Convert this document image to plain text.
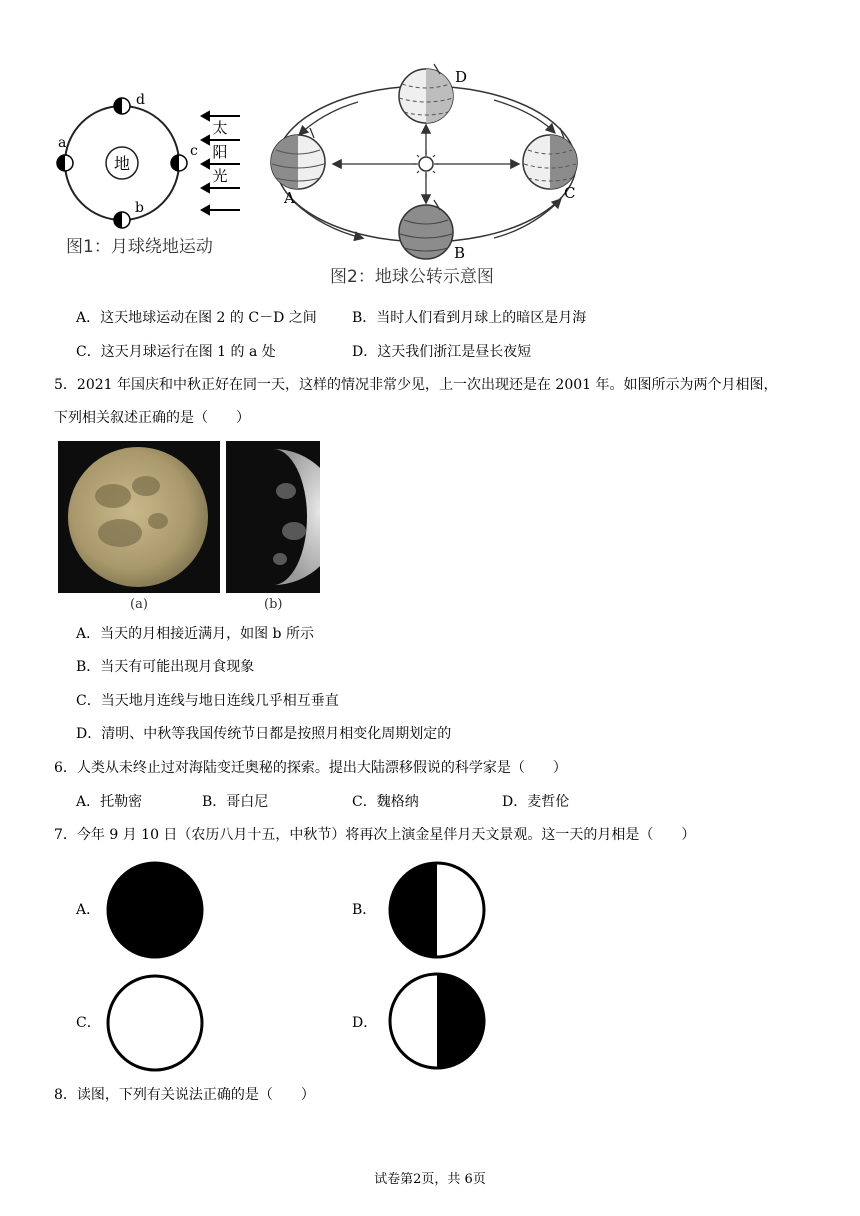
地
d
b
a	c
太
阳
光
图1：月球绕地运动
D
A	C
B
图2：地球公转示意图
A．这天地球运动在图 2 的 C－D 之间	B．当时人们看到月球上的暗区是月海
C．这天月球运行在图 1 的 a 处	D．这天我们浙江是昼长夜短
5．2021 年国庆和中秋正好在同一天，这样的情况非常少见，上一次出现还是在 2001 年。如图所示为两个月相图，
下列相关叙述正确的是（　　）
(a)	(b)
A．当天的月相接近满月，如图 b 所示
B．当天有可能出现月食现象
C．当天地月连线与地日连线几乎相互垂直
D．清明、中秋等我国传统节日都是按照月相变化周期划定的
6．人类从未终止过对海陆变迁奥秘的探索。提出大陆漂移假说的科学家是（　　）
A．托勒密	B．哥白尼	C．魏格纳	D．麦哲伦
7．今年 9 月 10 日（农历八月十五，中秋节）将再次上演金星伴月天文景观。这一天的月相是（　　）
A．	B．
C．	D．
8．读图，下列有关说法正确的是（　　）
试卷第2页，共 6页
